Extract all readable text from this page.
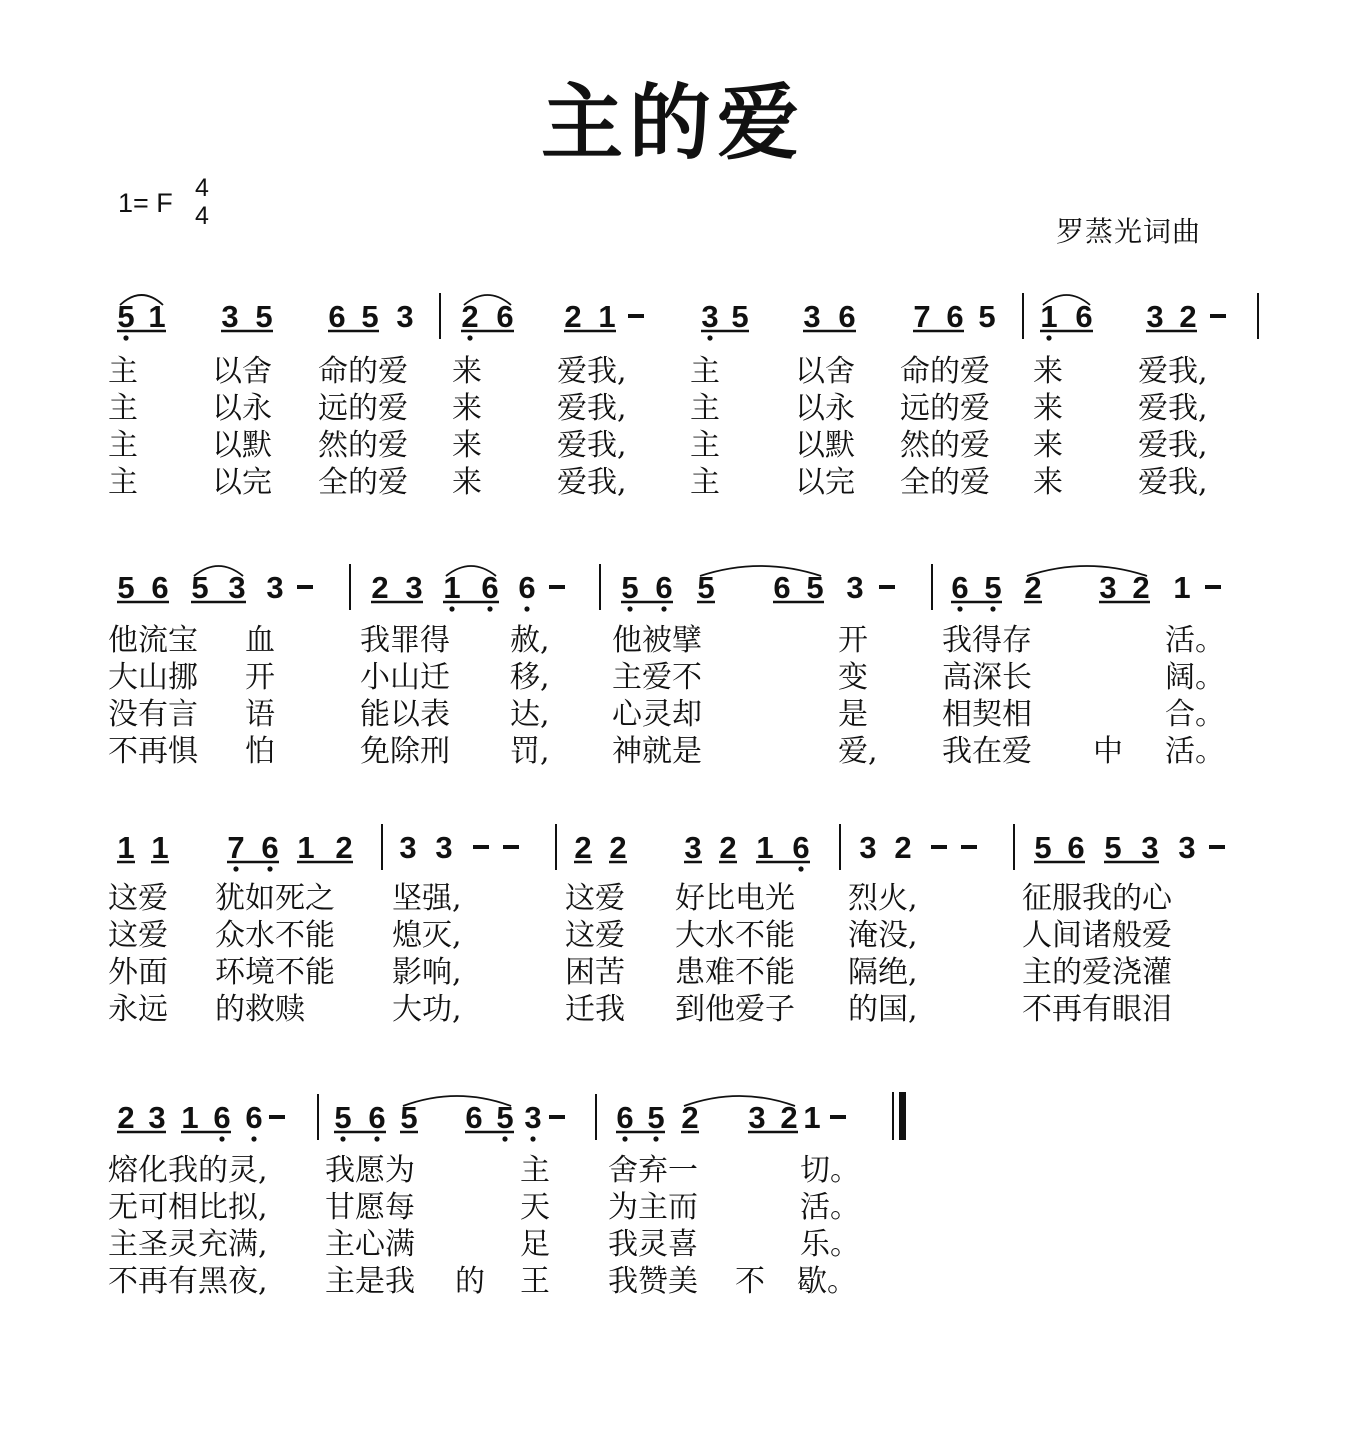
主的爱
1= F 4
4	罗蒸光词曲
5 1 3 5 6 5 3 2 6 2 1	3 5 3 6 7 6 5 1 6 3 2
主 以舍 命的爱 来	爱我, 主	以舍 命的爱 来	爱我,
主 以永 远的爱 来	爱我, 主	以永 远的爱 来	爱我,
主 以默 然的爱 来	爱我, 主	以默 然的爱 来	爱我,
主 以完 全的爱 来	爱我, 主	以完 全的爱 来	爱我,
5 6 5 3 3	2 3 1 6 6	5 6 5 6 5 3	6 5 2 3 2 1
他流宝 血	我罪得 赦, 他被擘	开 我得存	活。
大山挪 开	小山迁 移, 主爱不	变 高深长	阔。
没有言 语	能以表 达, 心灵却	是 相契相	合。
不再惧 怕	免除刑 罚, 神就是	爱, 我在爱 中 活。
1 1 7 6 1 2 3 3	2 2 3 2 1 6 3 2	5 6 5 3 3
这爱 犹如死之 坚强,	这爱 好比电光 烈火,	征服我的心
这爱 众水不能 熄灭,	这爱 大水不能 淹没,	人间诸般爱
外面 环境不能 影响,	困苦 患难不能 隔绝,	主的爱浇灌
永远 的救赎	大功,	迁我 到他爱子 的国,	不再有眼泪
2 3 1 6 6 5 6 5 6 5 3 6 5 2 3 2 1
熔化我的灵, 我愿为	主 舍弃一	切。
无可相比拟, 甘愿每	天 为主而	活。
主圣灵充满, 主心满	足 我灵喜	乐。
不再有黑夜, 主是我 的 王 我赞美 不 歇。
